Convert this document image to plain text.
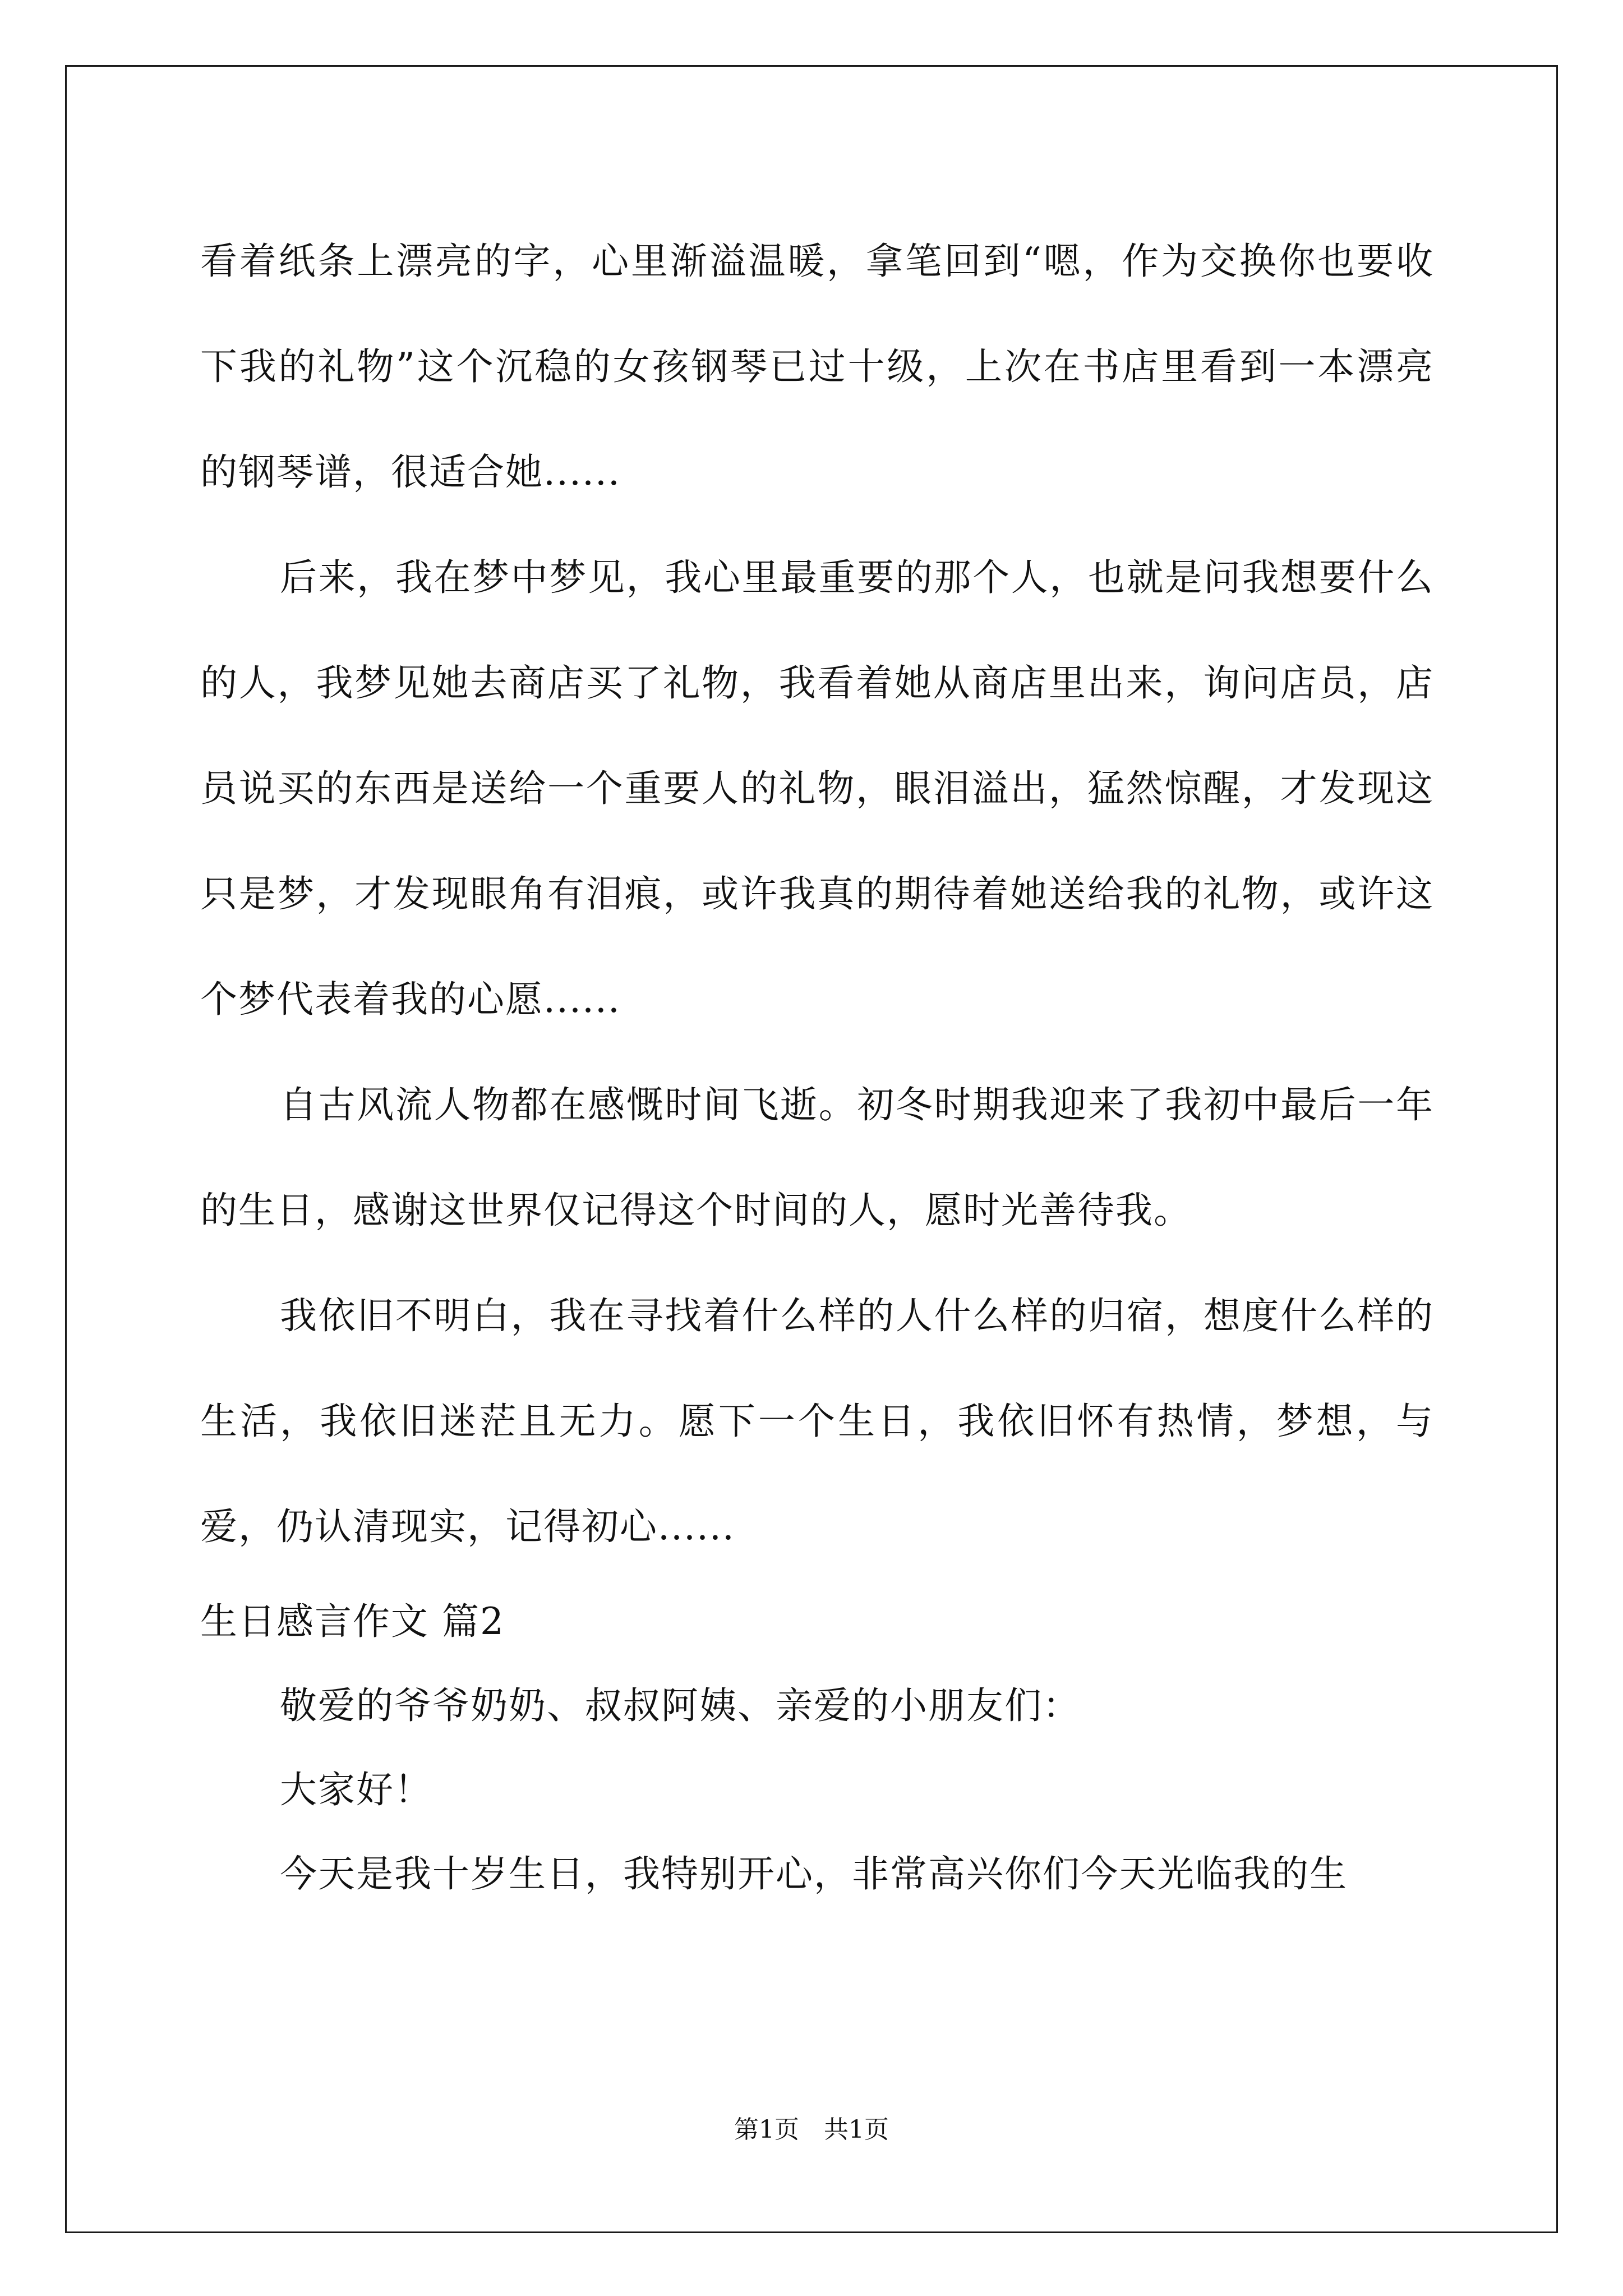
看着纸条上漂亮的字，心里渐溢温暖，拿笔回到“嗯，作为交换你也要收下我的礼物”这个沉稳的女孩钢琴已过十级，上次在书店里看到一本漂亮的钢琴谱，很适合她......

后来，我在梦中梦见，我心里最重要的那个人，也就是问我想要什么的人，我梦见她去商店买了礼物，我看着她从商店里出来，询问店员，店员说买的东西是送给一个重要人的礼物，眼泪溢出，猛然惊醒，才发现这只是梦，才发现眼角有泪痕，或许我真的期待着她送给我的礼物，或许这个梦代表着我的心愿......

自古风流人物都在感慨时间飞逝。初冬时期我迎来了我初中最后一年的生日，感谢这世界仅记得这个时间的人，愿时光善待我。

我依旧不明白，我在寻找着什么样的人什么样的归宿，想度什么样的生活，我依旧迷茫且无力。愿下一个生日，我依旧怀有热情，梦想，与爱，仍认清现实，记得初心......

生日感言作文 篇2

敬爱的爷爷奶奶、叔叔阿姨、亲爱的小朋友们：

大家好！

今天是我十岁生日，我特别开心，非常高兴你们今天光临我的生

第1页　共1页
